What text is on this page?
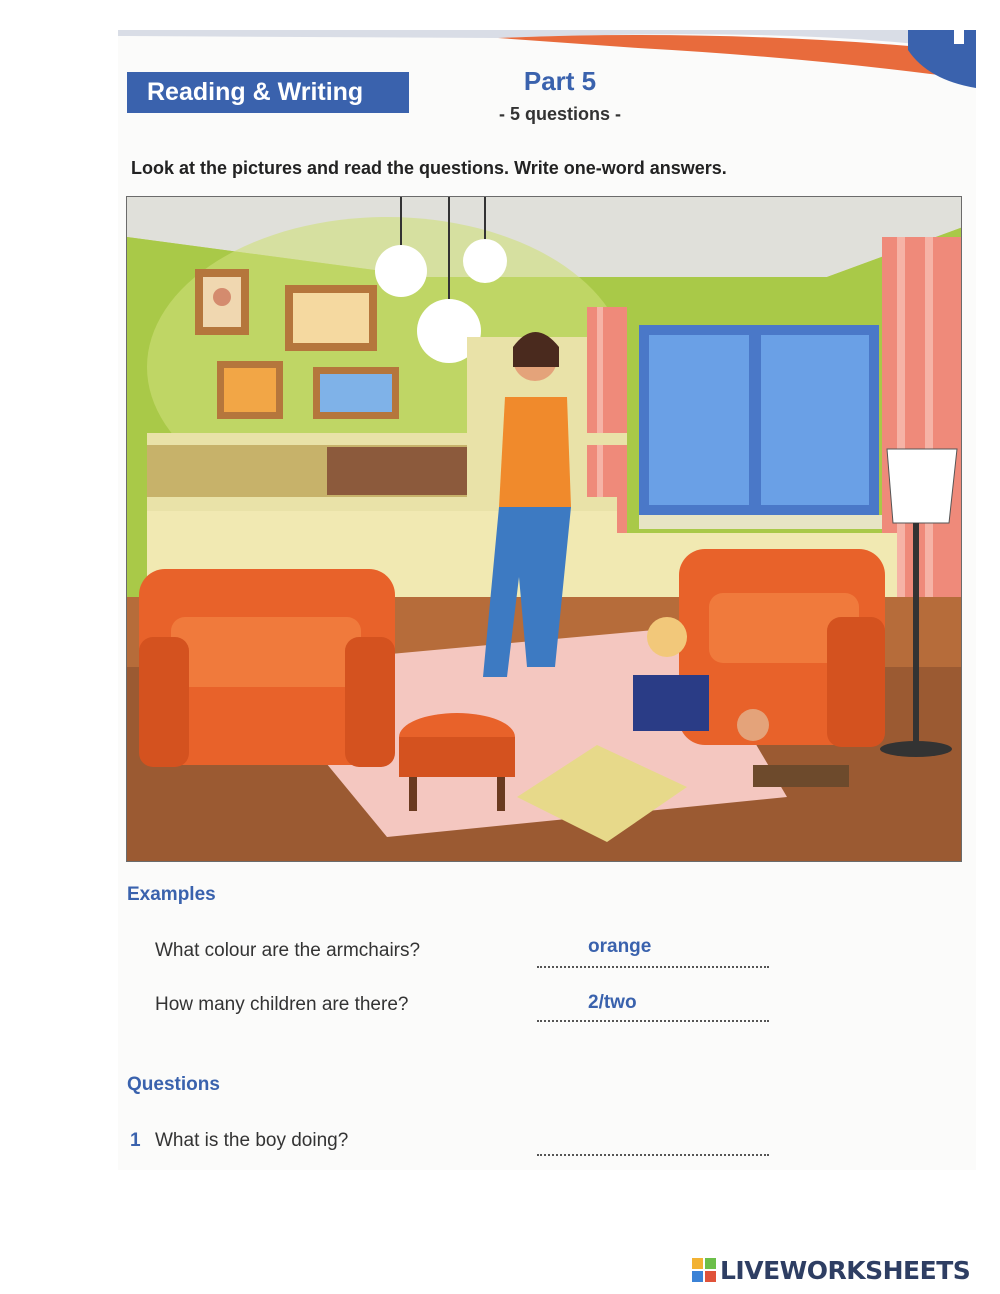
Reading & Writing	Part 5
- 5 questions -
Look at the pictures and read the questions. Write one-word answers.
Examples
What colour are the armchairs?	orange
How many children are there?	2/two
Questions
1 What is the boy doing?
LIVEWORKSHEETS
